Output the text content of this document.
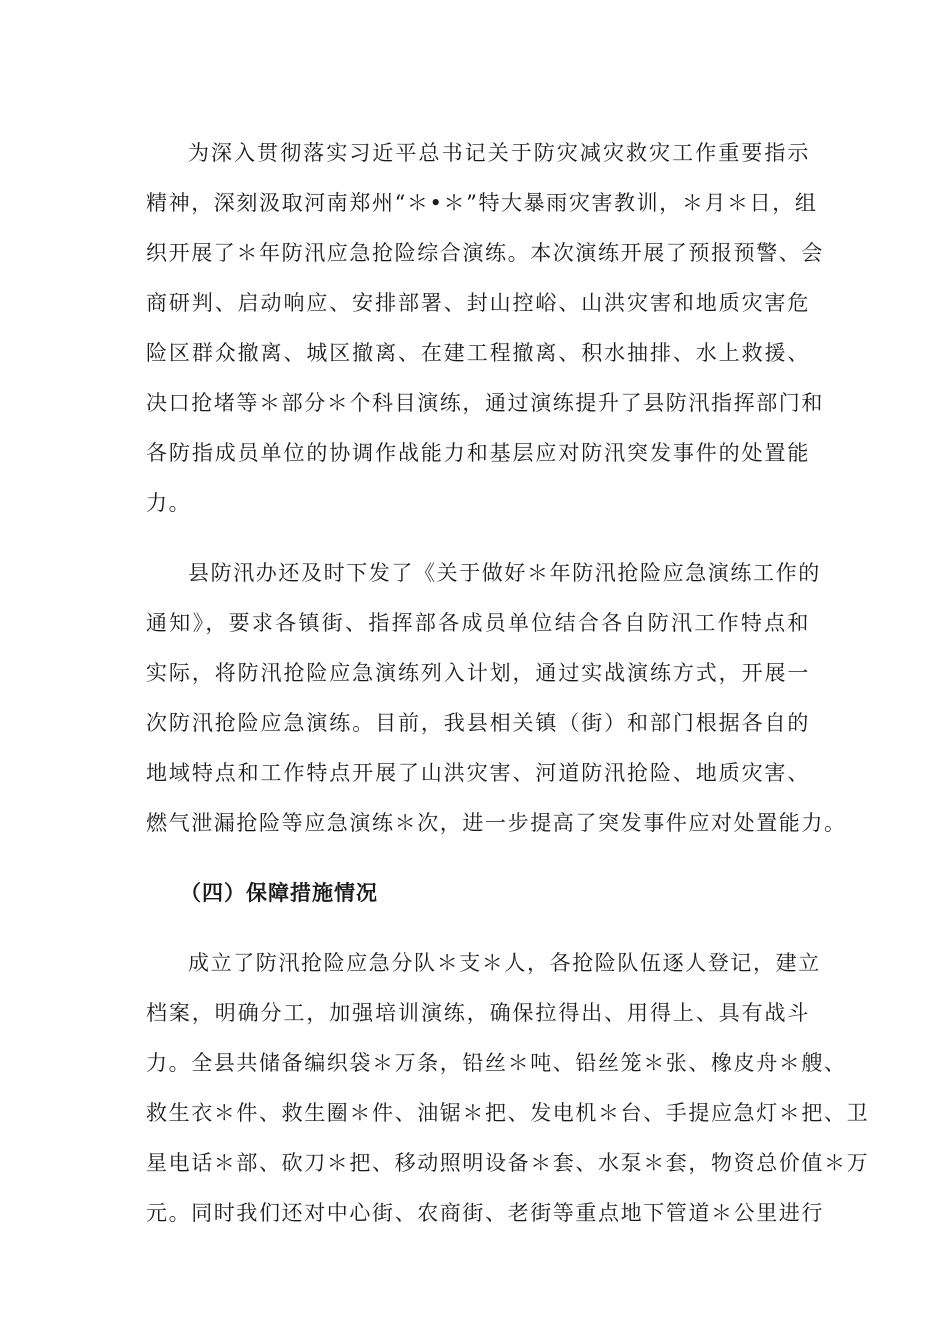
为深入贯彻落实习近平总书记关于防灾减灾救灾工作重要指示
精神，深刻汲取河南郑州“＊•＊”特大暴雨灾害教训，＊月＊日，组
织开展了＊年防汛应急抢险综合演练。本次演练开展了预报预警、会
商研判、启动响应、安排部署、封山控峪、山洪灾害和地质灾害危
险区群众撤离、城区撤离、在建工程撤离、积水抽排、水上救援、
决口抢堵等＊部分＊个科目演练，通过演练提升了县防汛指挥部门和
各防指成员单位的协调作战能力和基层应对防汛突发事件的处置能
力。
县防汛办还及时下发了《关于做好＊年防汛抢险应急演练工作的
通知》，要求各镇街、指挥部各成员单位结合各自防汛工作特点和
实际，将防汛抢险应急演练列入计划，通过实战演练方式，开展一
次防汛抢险应急演练。目前，我县相关镇（街）和部门根据各自的
地域特点和工作特点开展了山洪灾害、河道防汛抢险、地质灾害、
燃气泄漏抢险等应急演练＊次，进一步提高了突发事件应对处置能力。
（四）保障措施情况
成立了防汛抢险应急分队＊支＊人，各抢险队伍逐人登记，建立
档案，明确分工，加强培训演练，确保拉得出、用得上、具有战斗
力。全县共储备编织袋＊万条，铅丝＊吨、铅丝笼＊张、橡皮舟＊艘、
救生衣＊件、救生圈＊件、油锯＊把、发电机＊台、手提应急灯＊把、卫
星电话＊部、砍刀＊把、移动照明设备＊套、水泵＊套，物资总价值＊万
元。同时我们还对中心街、农商街、老街等重点地下管道＊公里进行
